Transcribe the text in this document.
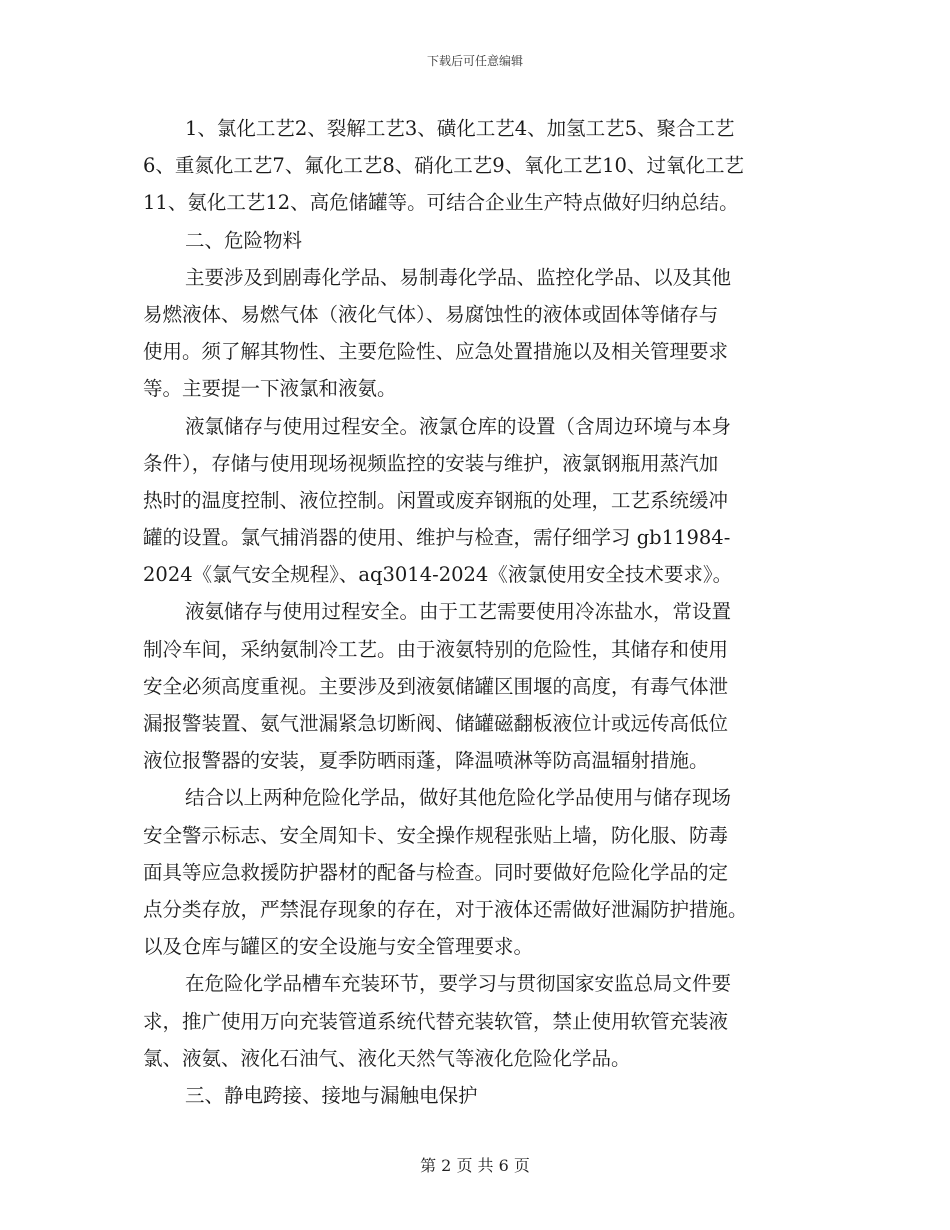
下载后可任意编辑
1、氯化工艺2、裂解工艺3、磺化工艺4、加氢工艺5、聚合工艺
6、重氮化工艺7、氟化工艺8、硝化工艺9、氧化工艺10、过氧化工艺
11、氨化工艺12、高危储罐等。可结合企业生产特点做好归纳总结。
二、危险物料
主要涉及到剧毒化学品、易制毒化学品、监控化学品、以及其他
易燃液体、易燃气体（液化气体）、易腐蚀性的液体或固体等储存与
使用。须了解其物性、主要危险性、应急处置措施以及相关管理要求
等。主要提一下液氯和液氨。
液氯储存与使用过程安全。液氯仓库的设置（含周边环境与本身
条件），存储与使用现场视频监控的安装与维护，液氯钢瓶用蒸汽加
热时的温度控制、液位控制。闲置或废弃钢瓶的处理，工艺系统缓冲
罐的设置。氯气捕消器的使用、维护与检查，需仔细学习 gb11984-
2024《氯气安全规程》、aq3014-2024《液氯使用安全技术要求》。
液氨储存与使用过程安全。由于工艺需要使用冷冻盐水，常设置
制冷车间，采纳氨制冷工艺。由于液氨特别的危险性，其储存和使用
安全必须高度重视。主要涉及到液氨储罐区围堰的高度，有毒气体泄
漏报警装置、氨气泄漏紧急切断阀、储罐磁翻板液位计或远传高低位
液位报警器的安装，夏季防晒雨蓬，降温喷淋等防高温辐射措施。
结合以上两种危险化学品，做好其他危险化学品使用与储存现场
安全警示标志、安全周知卡、安全操作规程张贴上墙，防化服、防毒
面具等应急救援防护器材的配备与检查。同时要做好危险化学品的定
点分类存放，严禁混存现象的存在，对于液体还需做好泄漏防护措施。
以及仓库与罐区的安全设施与安全管理要求。
在危险化学品槽车充装环节，要学习与贯彻国家安监总局文件要
求，推广使用万向充装管道系统代替充装软管，禁止使用软管充装液
氯、液氨、液化石油气、液化天然气等液化危险化学品。
三、静电跨接、接地与漏触电保护
第 2 页 共 6 页
